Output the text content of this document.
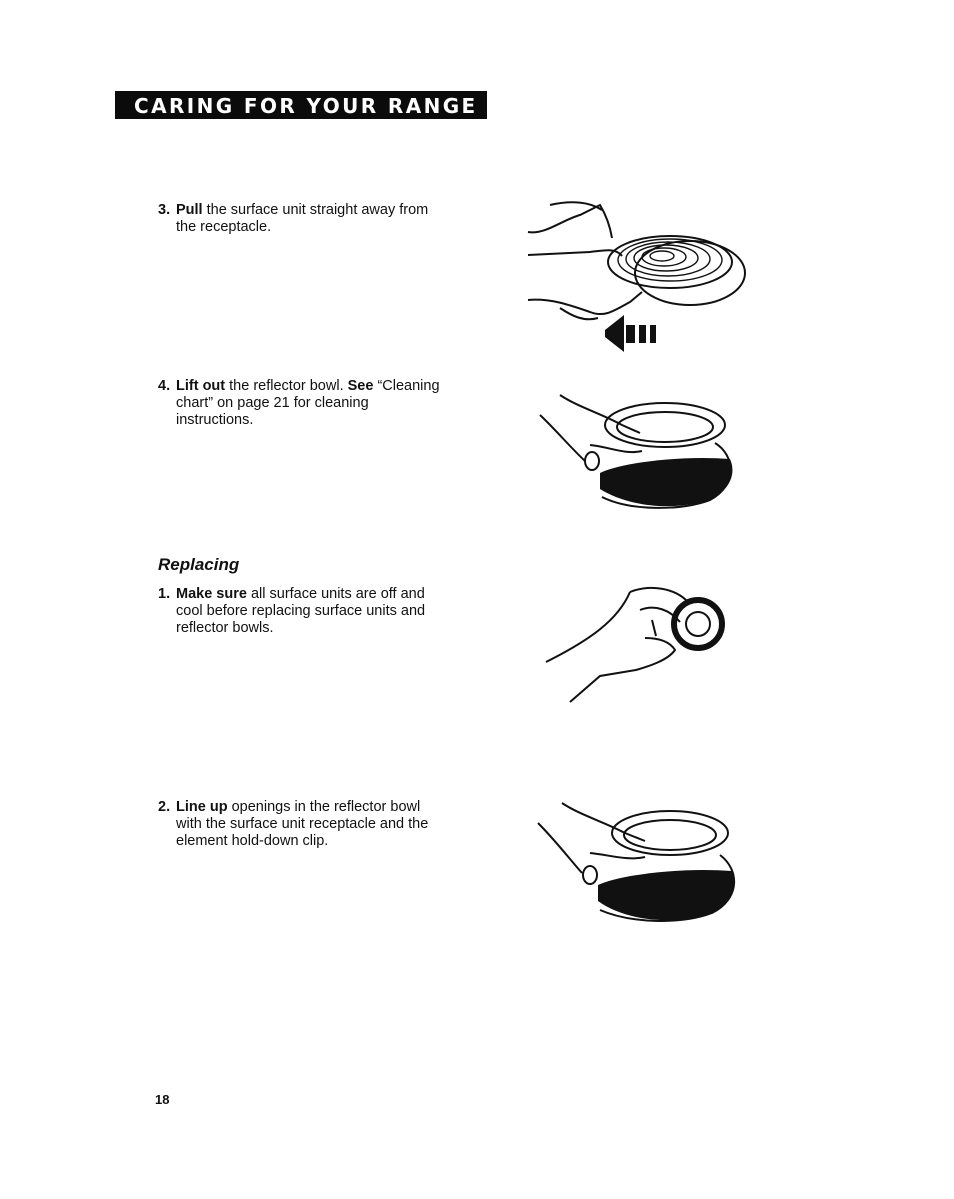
CARING FOR YOUR RANGE
3. Pull the surface unit straight away from
the receptacle.
4. Lift out the reflector bowl. See “Cleaning
chart” on page 21 for cleaning
instructions.
Replacing
1. Make sure all surface units are off and
cool before replacing surface units and
reflector bowls.
2. Line up openings in the reflector bowl
with the surface unit receptacle and the
element hold-down clip.
18
